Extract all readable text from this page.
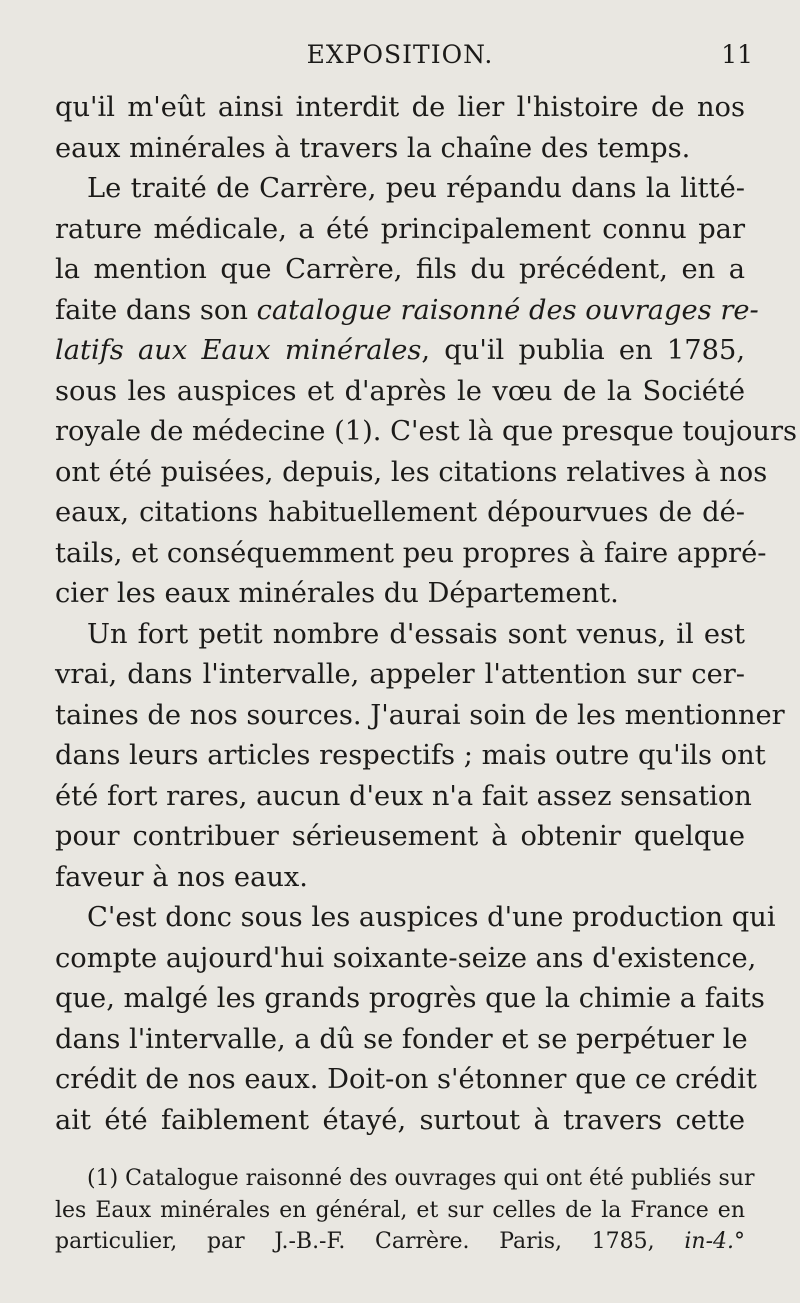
EXPOSITION.	11

qu'il m'eût ainsi interdit de lier l'histoire de nos
eaux minérales à travers la chaîne des temps.

Le traité de Carrère, peu répandu dans la litté-
rature médicale, a été principalement connu par
la mention que Carrère, fils du précédent, en a
faite dans son catalogue raisonné des ouvrages re-
latifs aux Eaux minérales, qu'il publia en 1785,
sous les auspices et d'après le vœu de la Société
royale de médecine (1). C'est là que presque toujours
ont été puisées, depuis, les citations relatives à nos
eaux, citations habituellement dépourvues de dé-
tails, et conséquemment peu propres à faire appré-
cier les eaux minérales du Département.

Un fort petit nombre d'essais sont venus, il est
vrai, dans l'intervalle, appeler l'attention sur cer-
taines de nos sources. J'aurai soin de les mentionner
dans leurs articles respectifs ; mais outre qu'ils ont
été fort rares, aucun d'eux n'a fait assez sensation
pour contribuer sérieusement à obtenir quelque
faveur à nos eaux.

C'est donc sous les auspices d'une production qui
compte aujourd'hui soixante-seize ans d'existence,
que, malgé les grands progrès que la chimie a faits
dans l'intervalle, a dû se fonder et se perpétuer le
crédit de nos eaux. Doit-on s'étonner que ce crédit
ait été faiblement étayé, surtout à travers cette

(1) Catalogue raisonné des ouvrages qui ont été publiés sur
les Eaux minérales en général, et sur celles de la France en
particulier, par J.-B.-F. Carrère. Paris, 1785, in-4.°
